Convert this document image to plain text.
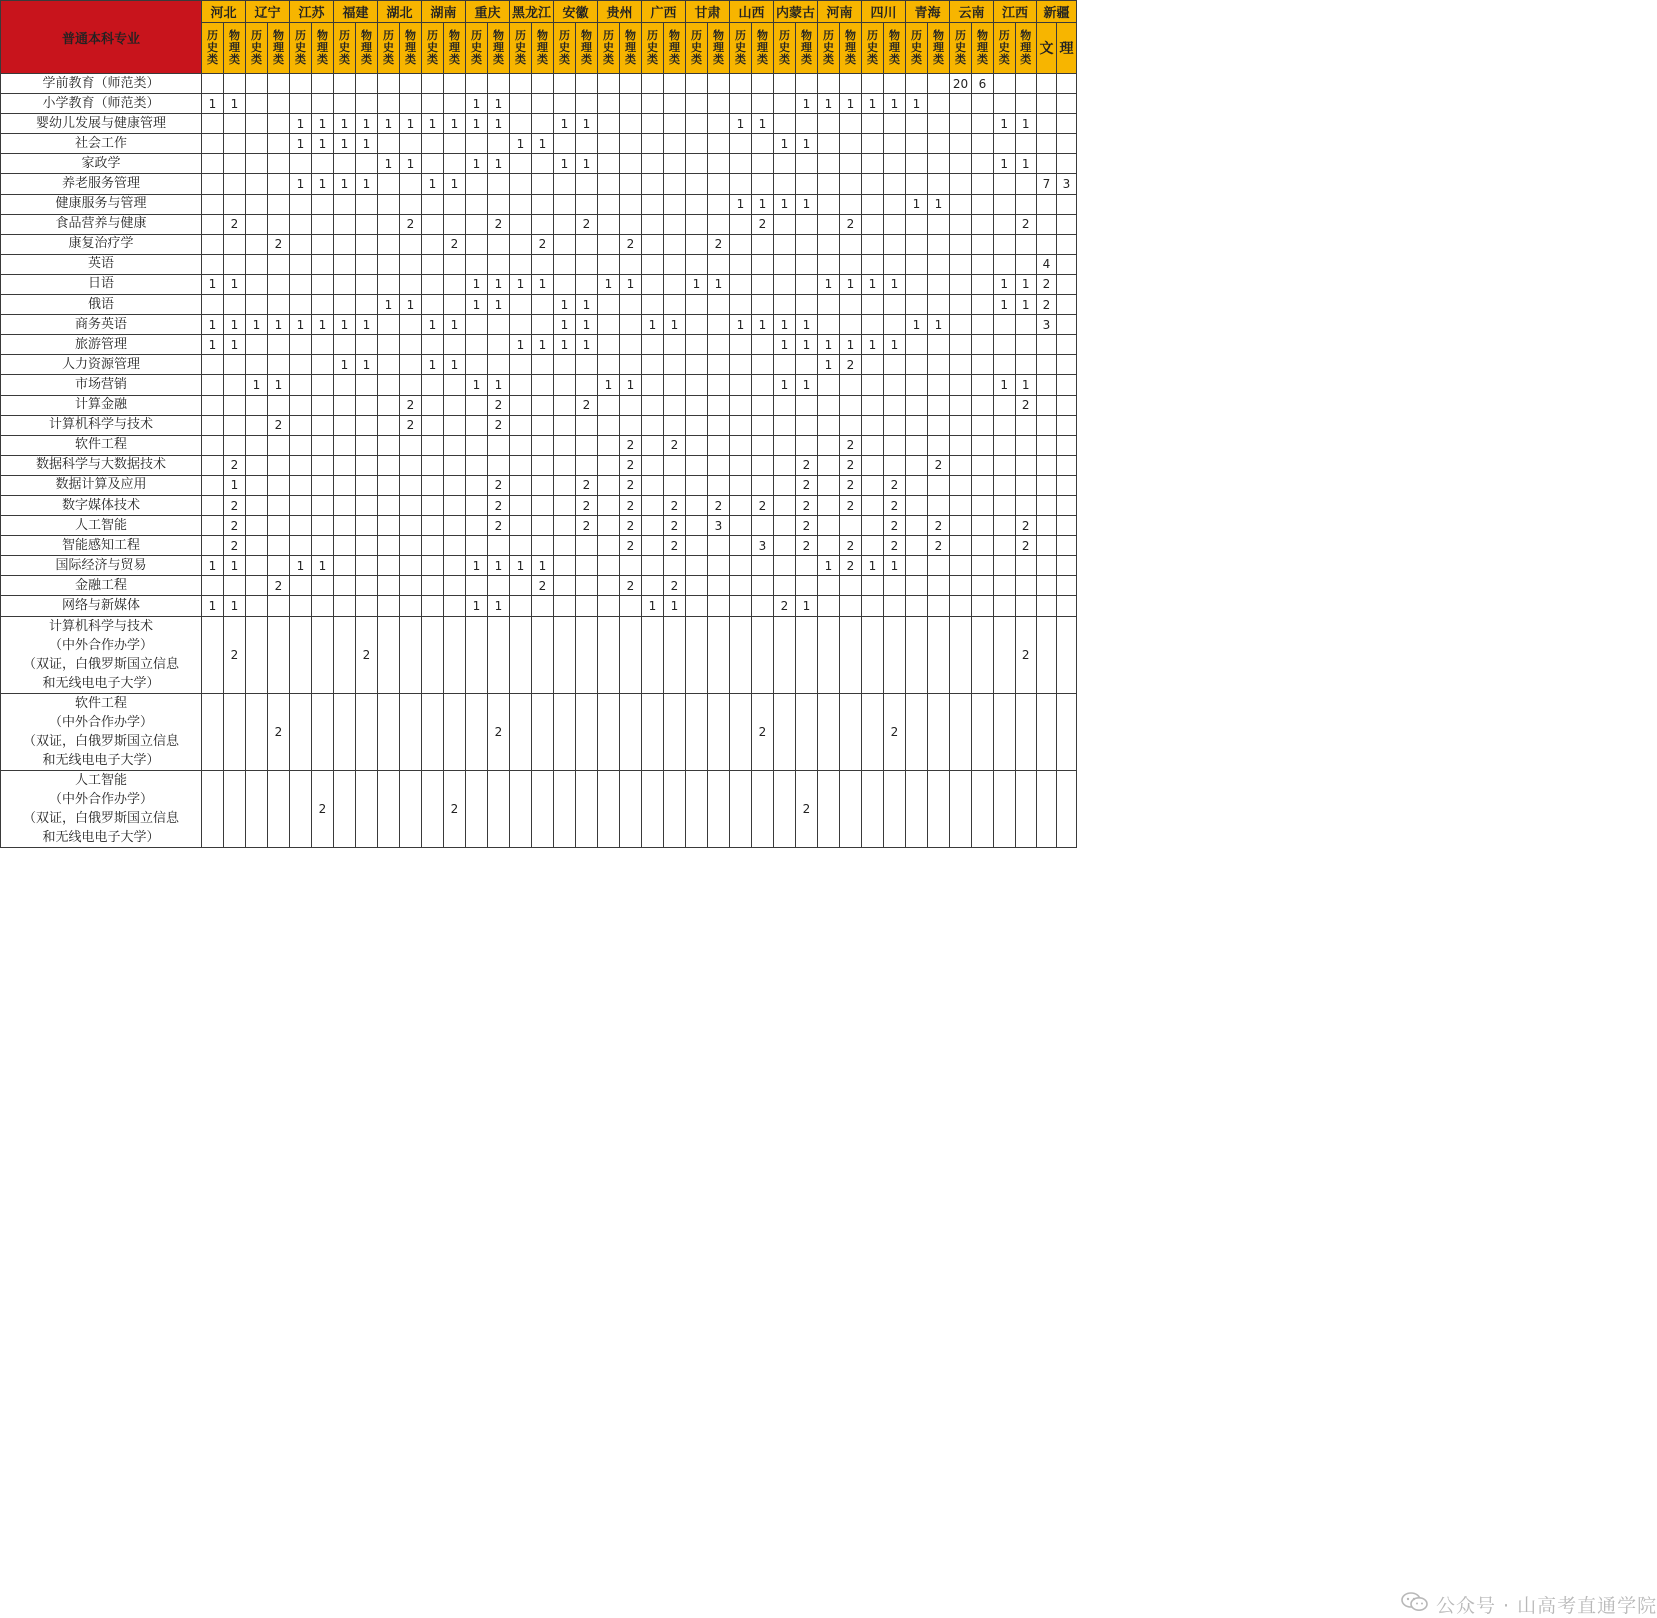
普通本科专业	河北		辽宁		江苏		福建		湖北		湖南		重庆		黑龙江		安徽		贵州		广西		甘肃		山西		内蒙古		河南		四川		青海		云南		江西		新疆	
	历
史
类	物
理
类	历
史
类	物
理
类	历
史
类	物
理
类	历
史
类	物
理
类	历
史
类	物
理
类	历
史
类	物
理
类	历
史
类	物
理
类	历
史
类	物
理
类	历
史
类	物
理
类	历
史
类	物
理
类	历
史
类	物
理
类	历
史
类	物
理
类	历
史
类	物
理
类	历
史
类	物
理
类	历
史
类	物
理
类	历
史
类	物
理
类	历
史
类	物
理
类	历
史
类	物
理
类	历
史
类	物
理
类	文	理
学前教育（师范类）																																			20	6				
小学教育（师范类）	1	1											1	1														1	1	1	1	1	1							
婴幼儿发展与健康管理					1	1	1	1	1	1	1	1	1	1			1	1							1	1											1	1		
社会工作					1	1	1	1							1	1											1	1												
家政学									1	1			1	1			1	1																			1	1		
养老服务管理					1	1	1	1			1	1																											7	3
健康服务与管理																									1	1	1	1					1	1						
食品营养与健康		2								2				2				2								2				2								2		
康复治疗学				2								2				2				2				2																
英语																																							4	
日语	1	1											1	1	1	1			1	1			1	1					1	1	1	1					1	1	2	
俄语									1	1			1	1			1	1																			1	1	2	
商务英语	1	1	1	1	1	1	1	1			1	1					1	1			1	1			1	1	1	1					1	1					3	
旅游管理	1	1													1	1	1	1									1	1	1	1	1	1								
人力资源管理							1	1			1	1																	1	2										
市场营销			1	1									1	1					1	1							1	1									1	1		
计算金融										2				2				2																				2		
计算机科学与技术				2						2				2																										
软件工程																				2		2								2										
数据科学与大数据技术		2																		2								2		2				2						
数据计算及应用		1												2				2		2								2		2		2								
数字媒体技术		2												2				2		2		2		2		2		2		2		2								
人工智能		2												2				2		2		2		3				2				2		2				2		
智能感知工程		2																		2		2				3		2		2		2		2				2		
国际经济与贸易	1	1			1	1							1	1	1	1													1	2	1	1								
金融工程				2												2				2		2																		
网络与新媒体	1	1											1	1							1	1					2	1												
计算机科学与技术
（中外合作办学）
（双证，白俄罗斯国立信息
和无线电电子大学）		2						2																														2		
软件工程
（中外合作办学）
（双证，白俄罗斯国立信息
和无线电电子大学）				2										2												2						2								
人工智能
（中外合作办学）
（双证，白俄罗斯国立信息
和无线电电子大学）						2						2																2												
公众号 · 山高考直通学院
